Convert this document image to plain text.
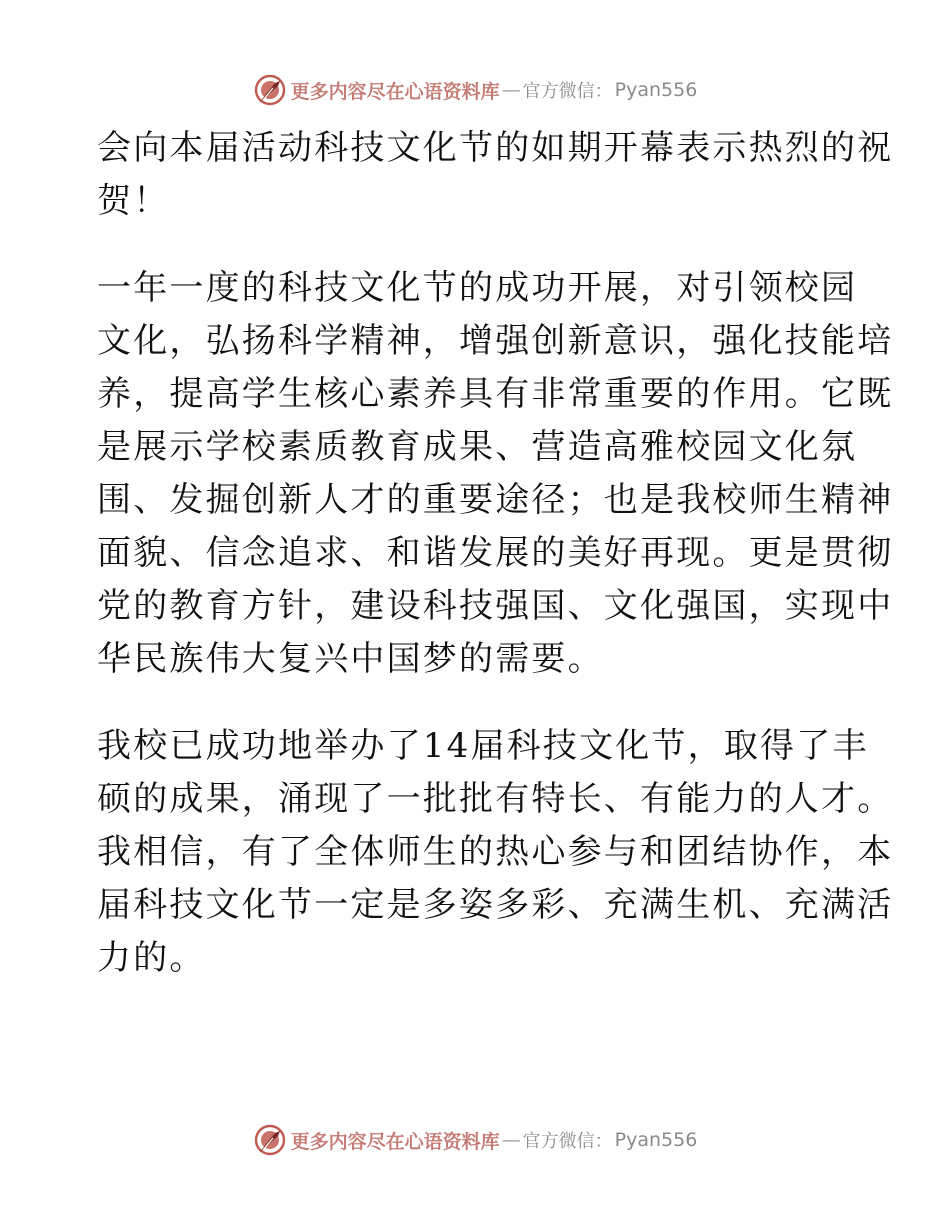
更多内容尽在心语资料库 — 官方微信： Pyan556

会向本届活动科技文化节的如期开幕表示热烈的祝
贺！

一年一度的科技文化节的成功开展，对引领校园
文化，弘扬科学精神，增强创新意识，强化技能培
养，提高学生核心素养具有非常重要的作用。它既
是展示学校素质教育成果、营造高雅校园文化氛
围、发掘创新人才的重要途径；也是我校师生精神
面貌、信念追求、和谐发展的美好再现。更是贯彻
党的教育方针，建设科技强国、文化强国，实现中
华民族伟大复兴中国梦的需要。

我校已成功地举办了14届科技文化节，取得了丰
硕的成果，涌现了一批批有特长、有能力的人才。
我相信，有了全体师生的热心参与和团结协作，本
届科技文化节一定是多姿多彩、充满生机、充满活
力的。

更多内容尽在心语资料库 — 官方微信： Pyan556
